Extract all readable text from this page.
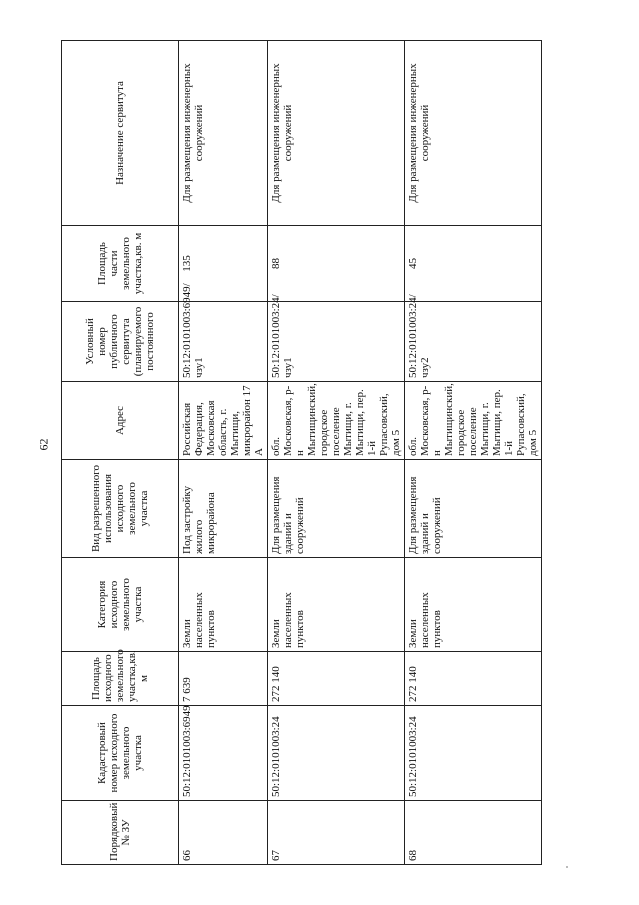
62
Порядковый № ЗУ	Кадастровый номер исходного земельного участка	Площадь исходного земельного участка,кв. м	Категория исходного земельного участка	Вид разрешенного использования исходного земельного участка	Адрес	Условный номер публичного сервитута (планируемого постоянного	Площадь части земельного участка,кв. м	Назначение сервитута
66	50:12:0101003:6949	7 639	Земли населенных пунктов	Под застройку жилого микрорайона	Российская Федерация, Московская область, г. Мытищи, микрорайон 17 А	50:12:0101003:6949/чзу1	135	Для размещения инженерных сооружений
67	50:12:0101003:24	272 140	Земли населенных пунктов	Для размещения зданий и сооружений	обл. Московская, р-н Мытищинский, городское поселение Мытищи, г. Мытищи, пер. 1-й Рупасовский, дом 5	50:12:0101003:24/чзу1	88	Для размещения инженерных сооружений
68	50:12:0101003:24	272 140	Земли населенных пунктов	Для размещения зданий и сооружений	обл. Московская, р-н Мытищинский, городское поселение Мытищи, г. Мытищи, пер. 1-й Рупасовский, дом 5	50:12:0101003:24/чзу2	45	Для размещения инженерных сооружений
